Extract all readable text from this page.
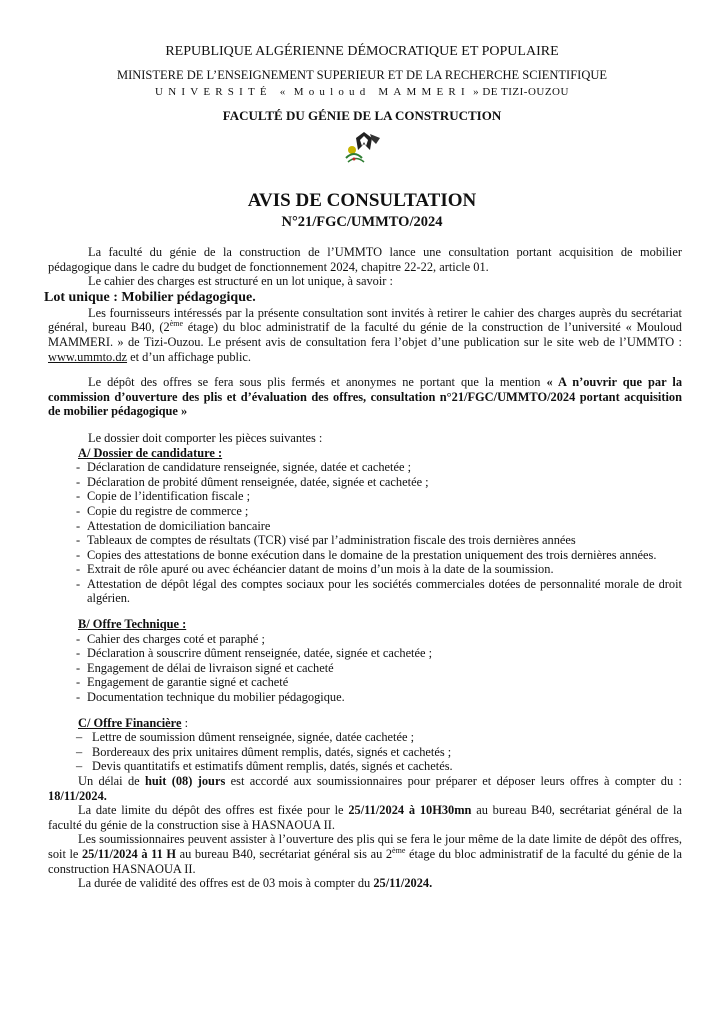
REPUBLIQUE ALGÉRIENNE DÉMOCRATIQUE ET POPULAIRE
MINISTERE DE L’ENSEIGNEMENT SUPERIEUR ET DE LA RECHERCHE SCIENTIFIQUE
UNIVERSITÉ « Mouloud MAMMERI » DE TIZI-OUZOU
FACULTÉ DU GÉNIE DE LA CONSTRUCTION
AVIS DE CONSULTATION
N°21/FGC/UMMTO/2024

La faculté du génie de la construction de l’UMMTO lance une consultation portant acquisition de mobilier pédagogique dans le cadre du budget de fonctionnement 2024, chapitre 22-22, article 01.

Le cahier des charges est structuré en un lot unique, à savoir :

Lot unique : Mobilier pédagogique.

Les fournisseurs intéressés par la présente consultation sont invités à retirer le cahier des charges auprès du secrétariat général, bureau B40, (2ème étage) du bloc administratif de la faculté du génie de la construction de l’université « Mouloud MAMMERI. » de Tizi-Ouzou. Le présent avis de consultation fera l’objet d’une publication sur le site web de l’UMMTO : www.ummto.dz et d’un affichage public.

Le dépôt des offres se fera sous plis fermés et anonymes ne portant que la mention « A n’ouvrir que par la commission d’ouverture des plis et d’évaluation des offres, consultation n°21/FGC/UMMTO/2024 portant acquisition de mobilier pédagogique »

Le dossier doit comporter les pièces suivantes :

A/ Dossier de candidature :

- Déclaration de candidature renseignée, signée, datée et cachetée ;
- Déclaration de probité dûment renseignée, datée, signée et cachetée ;
- Copie de l’identification fiscale ;
- Copie du registre de commerce ;
- Attestation de domiciliation bancaire
- Tableaux de comptes de résultats (TCR) visé par l’administration fiscale des trois dernières années
- Copies des attestations de bonne exécution dans le domaine de la prestation uniquement des trois dernières années.
- Extrait de rôle apuré ou avec échéancier datant de moins d’un mois à la date de la soumission.
- Attestation de dépôt légal des comptes sociaux pour les sociétés commerciales dotées de personnalité morale de droit algérien.

B/ Offre Technique :

- Cahier des charges coté et paraphé ;
- Déclaration à souscrire dûment renseignée, datée, signée et cachetée ;
- Engagement de délai de livraison signé et cacheté
- Engagement de garantie signé et cacheté
- Documentation technique du mobilier pédagogique.

C/ Offre Financière :

– Lettre de soumission dûment renseignée, signée, datée cachetée ;
– Bordereaux des prix unitaires dûment remplis, datés, signés et cachetés ;
– Devis quantitatifs et estimatifs dûment remplis, datés, signés et cachetés.

Un délai de huit (08) jours est accordé aux soumissionnaires pour préparer et déposer leurs offres à compter du : 18/11/2024.

La date limite du dépôt des offres est fixée pour le 25/11/2024 à 10H30mn au bureau B40, secrétariat général de la faculté du génie de la construction sise à HASNAOUA II.

Les soumissionnaires peuvent assister à l’ouverture des plis qui se fera le jour même de la date limite de dépôt des offres, soit le 25/11/2024 à 11 H au bureau B40, secrétariat général sis au 2ème étage du bloc administratif de la faculté du génie de la construction HASNAOUA II.

La durée de validité des offres est de 03 mois à compter du 25/11/2024.
